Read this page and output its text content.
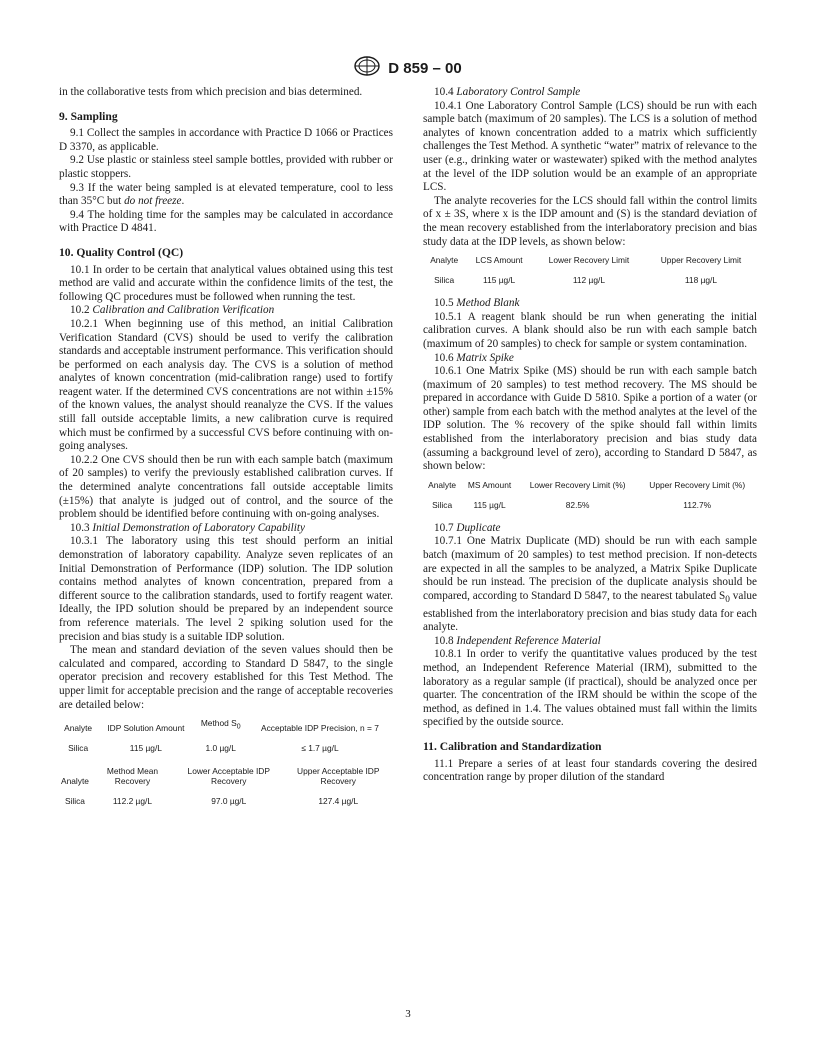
D 859 – 00

in the collaborative tests from which precision and bias determined.

9. Sampling

9.1 Collect the samples in accordance with Practice D 1066 or Practices D 3370, as applicable.

9.2 Use plastic or stainless steel sample bottles, provided with rubber or plastic stoppers.

9.3 If the water being sampled is at elevated temperature, cool to less than 35°C but do not freeze.

9.4 The holding time for the samples may be calculated in accordance with Practice D 4841.

10. Quality Control (QC)

10.1 In order to be certain that analytical values obtained using this test method are valid and accurate within the confidence limits of the test, the following QC procedures must be followed when running the test.

10.2 Calibration and Calibration Verification

10.2.1 When beginning use of this method, an initial Calibration Verification Standard (CVS) should be used to verify the calibration standards and acceptable instrument performance. This verification should be performed on each analysis day. The CVS is a solution of method analytes of known concentration (mid-calibration range) used to fortify reagent water. If the determined CVS concentrations are not within ±15% of the known values, the analyst should reanalyze the CVS. If the values still fall outside acceptable limits, a new calibration curve is required which must be confirmed by a successful CVS before continuing with on-going analyses.

10.2.2 One CVS should then be run with each sample batch (maximum of 20 samples) to verify the previously established calibration curves. If the determined analyte concentrations fall outside acceptable limits (±15%) that analyte is judged out of control, and the source of the problem should be identified before continuing with on-going analyses.

10.3 Initial Demonstration of Laboratory Capability

10.3.1 The laboratory using this test should perform an initial demonstration of laboratory capability. Analyze seven replicates of an Initial Demonstration of Performance (IDP) solution. The IDP solution contains method analytes of known concentration, prepared from a different source to the calibration standards, used to fortify reagent water. Ideally, the IPD solution should be prepared by an independent source from reference materials. The level 2 spiking solution used for the precision and bias study is a suitable IDP solution.

The mean and standard deviation of the seven values should then be calculated and compared, according to Standard D 5847, to the single operator precision and recovery established for this Test Method. The upper limit for acceptable precision and the range of acceptable recoveries are detailed below:

Analyte	IDP Solution Amount	Method $S_0$	Acceptable IDP Precision, n = 7
Silica	115 µg/L	1.0 µg/L	≤ 1.7 µg/L
Analyte	Method Mean Recovery	Lower Acceptable IDP Recovery	Upper Acceptable IDP Recovery
Silica	112.2 µg/L	97.0 µg/L	127.4 µg/L

10.4 Laboratory Control Sample

10.4.1 One Laboratory Control Sample (LCS) should be run with each sample batch (maximum of 20 samples). The LCS is a solution of method analytes of known concentration added to a matrix which sufficiently challenges the Test Method. A synthetic “water” matrix of relevance to the user (e.g., drinking water or wastewater) spiked with the method analytes at the level of the IDP solution would be an example of an appropriate LCS.

The analyte recoveries for the LCS should fall within the control limits of x ± 3S, where x is the IDP amount and (S) is the standard deviation of the mean recovery established from the interlaboratory precision and bias study data at the IDP levels, as shown below:

Analyte	LCS Amount	Lower Recovery Limit	Upper Recovery Limit
Silica	115 µg/L	112 µg/L	118 µg/L

10.5 Method Blank

10.5.1 A reagent blank should be run when generating the initial calibration curves. A blank should also be run with each sample batch (maximum of 20 samples) to check for sample or system contamination.

10.6 Matrix Spike

10.6.1 One Matrix Spike (MS) should be run with each sample batch (maximum of 20 samples) to test method recovery. The MS should be prepared in accordance with Guide D 5810. Spike a portion of a water (or other) sample from each batch with the method analytes at the level of the IDP solution. The % recovery of the spike should fall within limits established from the interlaboratory precision and bias study data (assuming a background level of zero), according to Standard D 5847, as shown below:

Analyte	MS Amount	Lower Recovery Limit (%)	Upper Recovery Limit (%)
Silica	115 µg/L	82.5%	112.7%

10.7 Duplicate

10.7.1 One Matrix Duplicate (MD) should be run with each sample batch (maximum of 20 samples) to test method precision. If non-detects are expected in all the samples to be analyzed, a Matrix Spike Duplicate should be run instead. The precision of the duplicate analysis should be compared, according to Standard D 5847, to the nearest tabulated $S_0$ value established from the interlaboratory precision and bias study data for each analyte.

10.8 Independent Reference Material

10.8.1 In order to verify the quantitative values produced by the test method, an Independent Reference Material (IRM), submitted to the laboratory as a regular sample (if practical), should be analyzed once per quarter. The concentration of the IRM should be within the scope of the method, as defined in 1.4. The values obtained must fall within the limits specified by the outside source.

11. Calibration and Standardization

11.1 Prepare a series of at least four standards covering the desired concentration range by proper dilution of the standard

3
